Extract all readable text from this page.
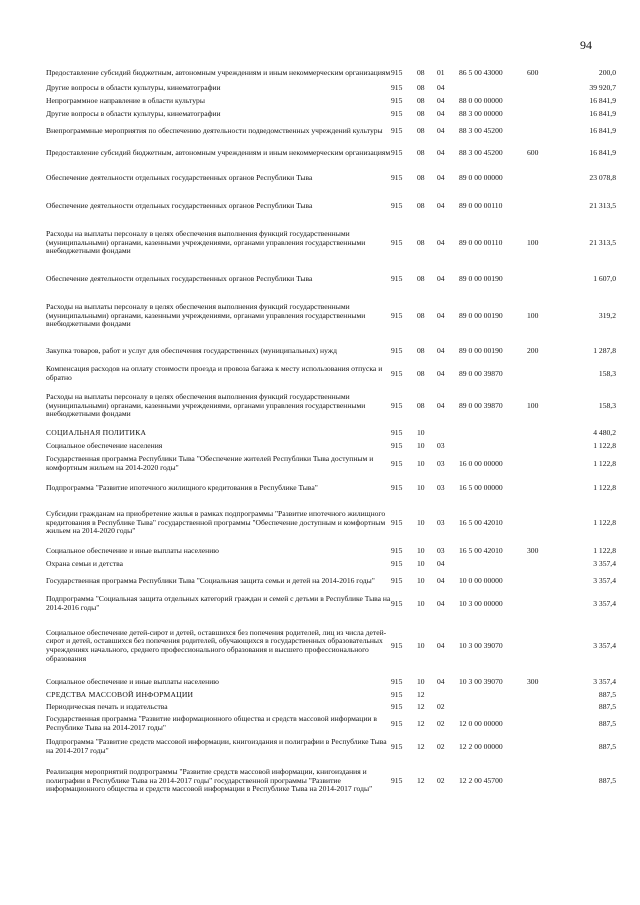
94
Предоставление субсидий бюджетным, автономным учреждениям и иным некоммерческим организациям	915	08	01	86 5 00 43000	600	200,0
Другие вопросы в области культуры, кинематографии	915	08	04			39 920,7
Непрограммное направление в области культуры	915	08	04	88 0 00 00000		16 841,9
Другие вопросы в области культуры, кинематографии	915	08	04	88 3 00 00000		16 841,9
Внепрограммные мероприятия по обеспечению деятельности подведомственных учреждений культуры	915	08	04	88 3 00 45200		16 841,9
Предоставление субсидий бюджетным, автономным учреждениям и иным некоммерческим организациям	915	08	04	88 3 00 45200	600	16 841,9
Обеспечение деятельности отдельных государственных органов Республики Тыва	915	08	04	89 0 00 00000		23 078,8
Обеспечение деятельности отдельных государственных органов Республики Тыва	915	08	04	89 0 00 00110		21 313,5
Расходы на выплаты персоналу в целях обеспечения выполнения функций государственными (муниципальными) органами, казенными учреждениями, органами управления государственными внебюджетными фондами	915	08	04	89 0 00 00110	100	21 313,5
Обеспечение деятельности отдельных государственных органов Республики Тыва	915	08	04	89 0 00 00190		1 607,0
Расходы на выплаты персоналу в целях обеспечения выполнения функций государственными (муниципальными) органами, казенными учреждениями, органами управления государственными внебюджетными фондами	915	08	04	89 0 00 00190	100	319,2
Закупка товаров, работ и услуг для обеспечения государственных (муниципальных) нужд	915	08	04	89 0 00 00190	200	1 287,8
Компенсация расходов на оплату стоимости проезда и провоза багажа к месту использования отпуска и обратно	915	08	04	89 0 00 39870		158,3
Расходы на выплаты персоналу в целях обеспечения выполнения функций государственными (муниципальными) органами, казенными учреждениями, органами управления государственными внебюджетными фондами	915	08	04	89 0 00 39870	100	158,3
СОЦИАЛЬНАЯ ПОЛИТИКА	915	10				4 480,2
Социальное обеспечение населения	915	10	03			1 122,8
Государственная программа Республики Тыва "Обеспечение жителей Республики Тыва доступным и комфортным жильем на 2014-2020 годы"	915	10	03	16 0 00 00000		1 122,8
Подпрограмма "Развитие ипотечного жилищного кредитования в Республике Тыва"	915	10	03	16 5 00 00000		1 122,8
Субсидии гражданам на приобретение жилья в рамках подпрограммы "Развитие ипотечного жилищного кредитования в Республике Тыва" государственной программы "Обеспечение доступным и комфортным жильем на 2014-2020 годы"	915	10	03	16 5 00 42010		1 122,8
Социальное обеспечение и иные выплаты населению	915	10	03	16 5 00 42010	300	1 122,8
Охрана семьи и детства	915	10	04			3 357,4
Государственная программа Республики Тыва "Социальная защита семьи и детей на 2014-2016 годы"	915	10	04	10 0 00 00000		3 357,4
Подпрограмма "Социальная защита отдельных категорий граждан и семей с детьми в Республике Тыва на 2014-2016 годы"	915	10	04	10 3 00 00000		3 357,4
Социальное обеспечение детей-сирот и детей, оставшихся без попечения родителей, лиц из числа детей-сирот и детей, оставшихся без попечения родителей, обучающихся в государственных образовательных учреждениях начального, среднего профессионального образования и высшего профессионального образования	915	10	04	10 3 00 39070		3 357,4
Социальное обеспечение и иные выплаты населению	915	10	04	10 3 00 39070	300	3 357,4
СРЕДСТВА МАССОВОЙ ИНФОРМАЦИИ	915	12				887,5
Периодическая печать и издательства	915	12	02			887,5
Государственная программа "Развитие информационного общества и средств массовой информации в Республике Тыва на 2014-2017 годы"	915	12	02	12 0 00 00000		887,5
Подпрограмма "Развитие средств массовой информации, книгоиздания и полиграфии в Республике Тыва на 2014-2017 годы"	915	12	02	12 2 00 00000		887,5
Реализация мероприятий подпрограммы "Развитие средств массовой информации, книгоиздания и полиграфии в Республике Тыва на 2014-2017 годы" государственной программы "Развитие информационного общества и средств массовой информации в Республике Тыва на 2014-2017 годы"	915	12	02	12 2 00 45700		887,5
